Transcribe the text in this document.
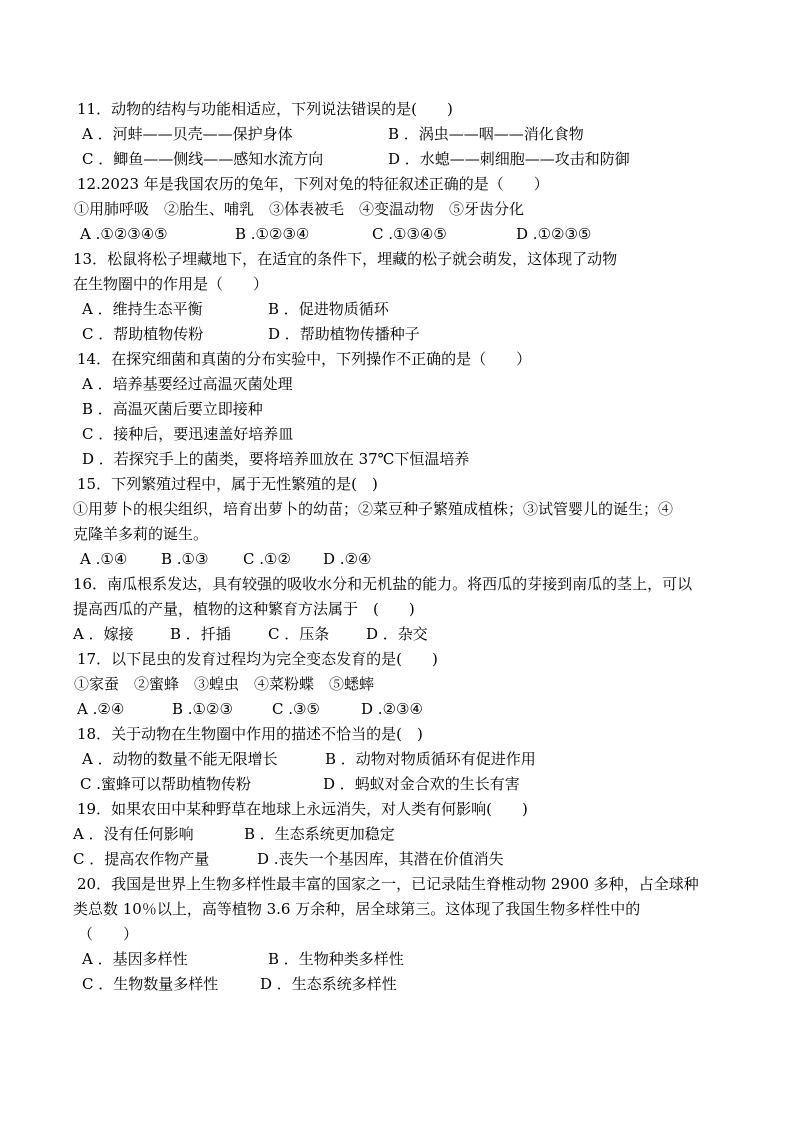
11．动物的结构与功能相适应，下列说法错误的是(　　)
A ．河蚌——贝壳——保护身体	B ．涡虫——咽——消化食物
C ．鲫鱼——侧线——感知水流方向	D ．水螅——刺细胞——攻击和防御
12.2023 年是我国农历的兔年，下列对兔的特征叙述正确的是（　　）
①用肺呼吸　②胎生、哺乳　③体表被毛　④变温动物　⑤牙齿分化
A .①②③④⑤	B .①②③④	C .①③④⑤	D .①②③⑤
13．松鼠将松子埋藏地下，在适宜的条件下，埋藏的松子就会萌发，这体现了动物
在生物圈中的作用是（　　）
A ．维持生态平衡	B ．促进物质循环
C ．帮助植物传粉	D ．帮助植物传播种子
14．在探究细菌和真菌的分布实验中，下列操作不正确的是（　　）
A ．培养基要经过高温灭菌处理
B ．高温灭菌后要立即接种
C ．接种后，要迅速盖好培养皿
D ．若探究手上的菌类，要将培养皿放在 37℃下恒温培养
15．下列繁殖过程中，属于无性繁殖的是(　)
①用萝卜的根尖组织，培育出萝卜的幼苗；②菜豆种子繁殖成植株；③试管婴儿的诞生；④
克隆羊多莉的诞生。
A .①④ B .①③ C .①② D .②④
16．南瓜根系发达，具有较强的吸收水分和无机盐的能力。将西瓜的芽接到南瓜的茎上，可以
提高西瓜的产量，植物的这种繁育方法属于　(　　)
A ．嫁接 B ．扦插 C ．压条 D ．杂交
17．以下昆虫的发育过程均为完全变态发育的是(　　)
①家蚕　②蜜蜂　③蝗虫　④菜粉蝶　⑤蟋蟀
A .②④	B .①②③	C .③⑤	D .②③④
18．关于动物在生物圈中作用的描述不恰当的是(　)
A ．动物的数量不能无限增长	B ．动物对物质循环有促进作用
C .蜜蜂可以帮助植物传粉	D ．蚂蚁对金合欢的生长有害
19．如果农田中某种野草在地球上永远消失，对人类有何影响(　　)
A ．没有任何影响	B ．生态系统更加稳定
C ．提高农作物产量	D .丧失一个基因库，其潜在价值消失
20．我国是世界上生物多样性最丰富的国家之一，已记录陆生脊椎动物 2900 多种，占全球种
类总数 10％以上，高等植物 3.6 万余种，居全球第三。这体现了我国生物多样性中的
（　　）
A ．基因多样性	B ．生物种类多样性
C ．生物数量多样性	D ．生态系统多样性
